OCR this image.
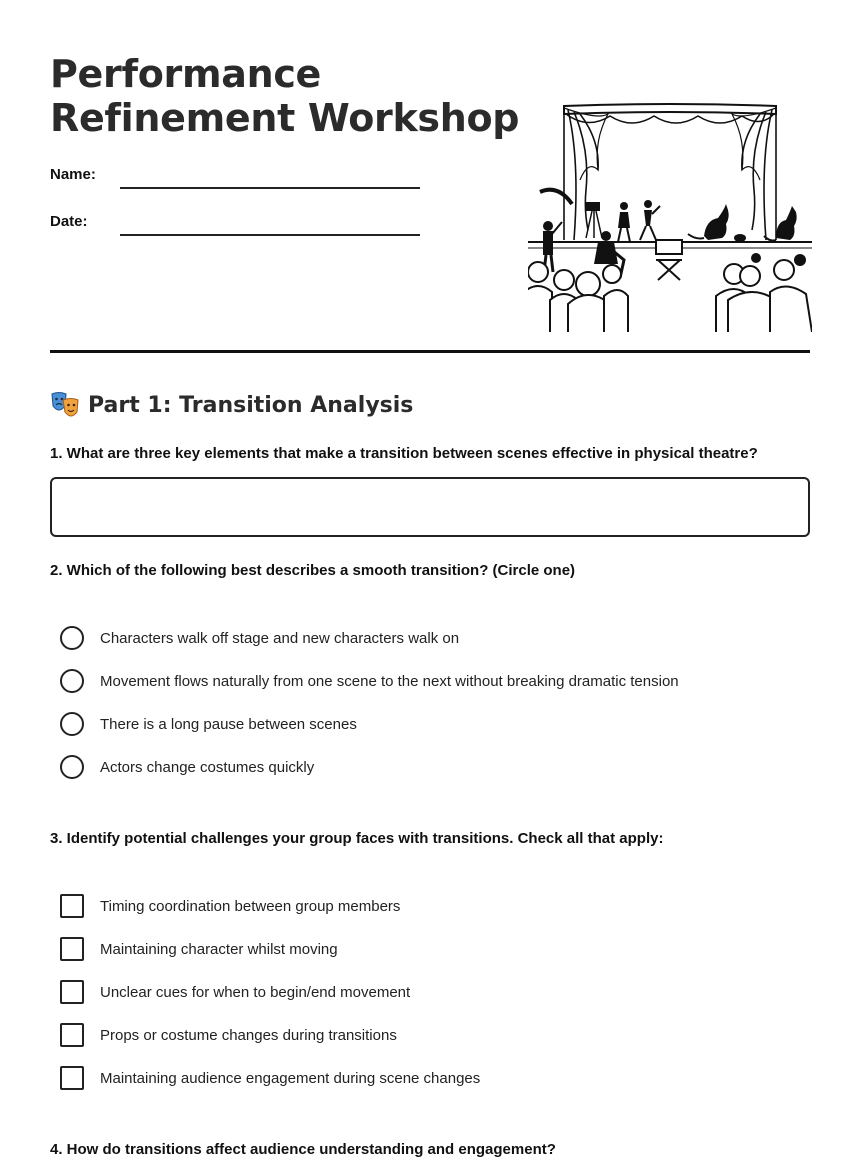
Performance
Refinement Workshop
Name:
Date:
Part 1: Transition Analysis

1. What are three key elements that make a transition between scenes effective in physical theatre?

2. Which of the following best describes a smooth transition? (Circle one)

Characters walk off stage and new characters walk on
Movement flows naturally from one scene to the next without breaking dramatic tension
There is a long pause between scenes
Actors change costumes quickly

3. Identify potential challenges your group faces with transitions. Check all that apply:

Timing coordination between group members
Maintaining character whilst moving
Unclear cues for when to begin/end movement
Props or costume changes during transitions
Maintaining audience engagement during scene changes

4. How do transitions affect audience understanding and engagement?
